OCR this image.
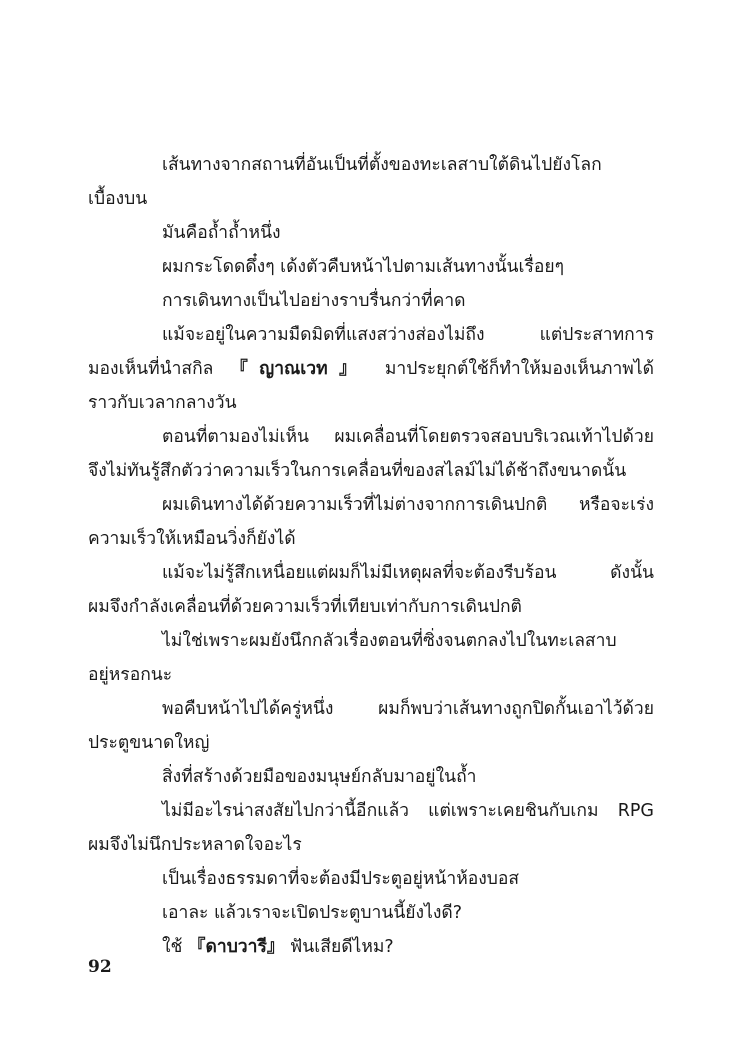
เส้นทางจากสถานที่อันเป็นที่ตั้งของทะเลสาบใต้ดินไปยังโลก
เบื้องบน
มันคือถ้ำถ้ำหนึ่ง
ผมกระโดดดึ๋งๆ เด้งตัวคืบหน้าไปตามเส้นทางนั้นเรื่อยๆ
การเดินทางเป็นไปอย่างราบรื่นกว่าที่คาด
แม้จะอยู่ในความมืดมิดที่แสงสว่างส่องไม่ถึง แต่ประสาทการ
มองเห็นที่นำสกิล 『ญาณเวท』 มาประยุกต์ใช้ก็ทำให้มองเห็นภาพได้
ราวกับเวลากลางวัน
ตอนที่ตามองไม่เห็น ผมเคลื่อนที่โดยตรวจสอบบริเวณเท้าไปด้วย
จึงไม่ทันรู้สึกตัวว่าความเร็วในการเคลื่อนที่ของสไลม์ไม่ได้ช้าถึงขนาดนั้น
ผมเดินทางได้ด้วยความเร็วที่ไม่ต่างจากการเดินปกติ หรือจะเร่ง
ความเร็วให้เหมือนวิ่งก็ยังได้
แม้จะไม่รู้สึกเหนื่อยแต่ผมก็ไม่มีเหตุผลที่จะต้องรีบร้อน ดังนั้น
ผมจึงกำลังเคลื่อนที่ด้วยความเร็วที่เทียบเท่ากับการเดินปกติ
ไม่ใช่เพราะผมยังนึกกลัวเรื่องตอนที่ซิ่งจนตกลงไปในทะเลสาบ
อยู่หรอกนะ
พอคืบหน้าไปได้ครู่หนึ่ง ผมก็พบว่าเส้นทางถูกปิดกั้นเอาไว้ด้วย
ประตูขนาดใหญ่
สิ่งที่สร้างด้วยมือของมนุษย์กลับมาอยู่ในถ้ำ
ไม่มีอะไรน่าสงสัยไปกว่านี้อีกแล้ว แต่เพราะเคยชินกับเกม RPG
ผมจึงไม่นึกประหลาดใจอะไร
เป็นเรื่องธรรมดาที่จะต้องมีประตูอยู่หน้าห้องบอส
เอาละ แล้วเราจะเปิดประตูบานนี้ยังไงดี?
ใช้ 『ดาบวารี』 ฟันเสียดีไหม?
92
